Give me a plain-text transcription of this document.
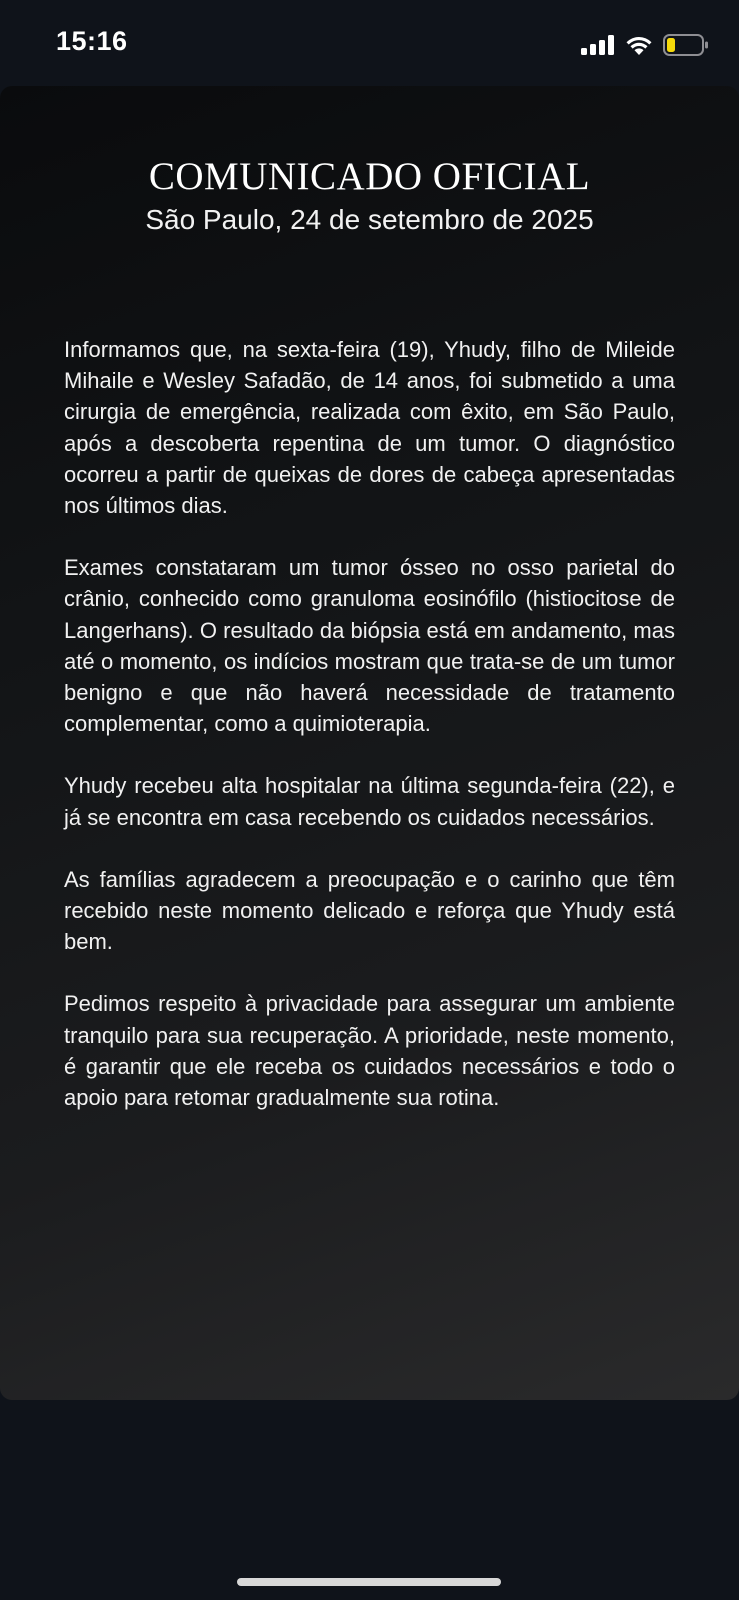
15:16
COMUNICADO OFICIAL
São Paulo, 24 de setembro de 2025

Informamos que, na sexta-feira (19), Yhudy, filho de Mileide Mihaile e Wesley Safadão, de 14 anos, foi submetido a uma cirurgia de emergência, realizada com êxito, em São Paulo, após a descoberta repentina de um tumor. O diagnóstico ocorreu a partir de queixas de dores de cabeça apresentadas nos últimos dias.

Exames constataram um tumor ósseo no osso parietal do crânio, conhecido como granuloma eosinófilo (histiocitose de Langerhans). O resultado da biópsia está em andamento, mas até o momento, os indícios mostram que trata-se de um tumor benigno e que não haverá necessidade de tratamento complementar, como a quimioterapia.

Yhudy recebeu alta hospitalar na última segunda-feira (22), e já se encontra em casa recebendo os cuidados necessários.

As famílias agradecem a preocupação e o carinho que têm recebido neste momento delicado e reforça que Yhudy está bem.

Pedimos respeito à privacidade para assegurar um ambiente tranquilo para sua recuperação. A prioridade, neste momento, é garantir que ele receba os cuidados necessários e todo o apoio para retomar gradualmente sua rotina.
